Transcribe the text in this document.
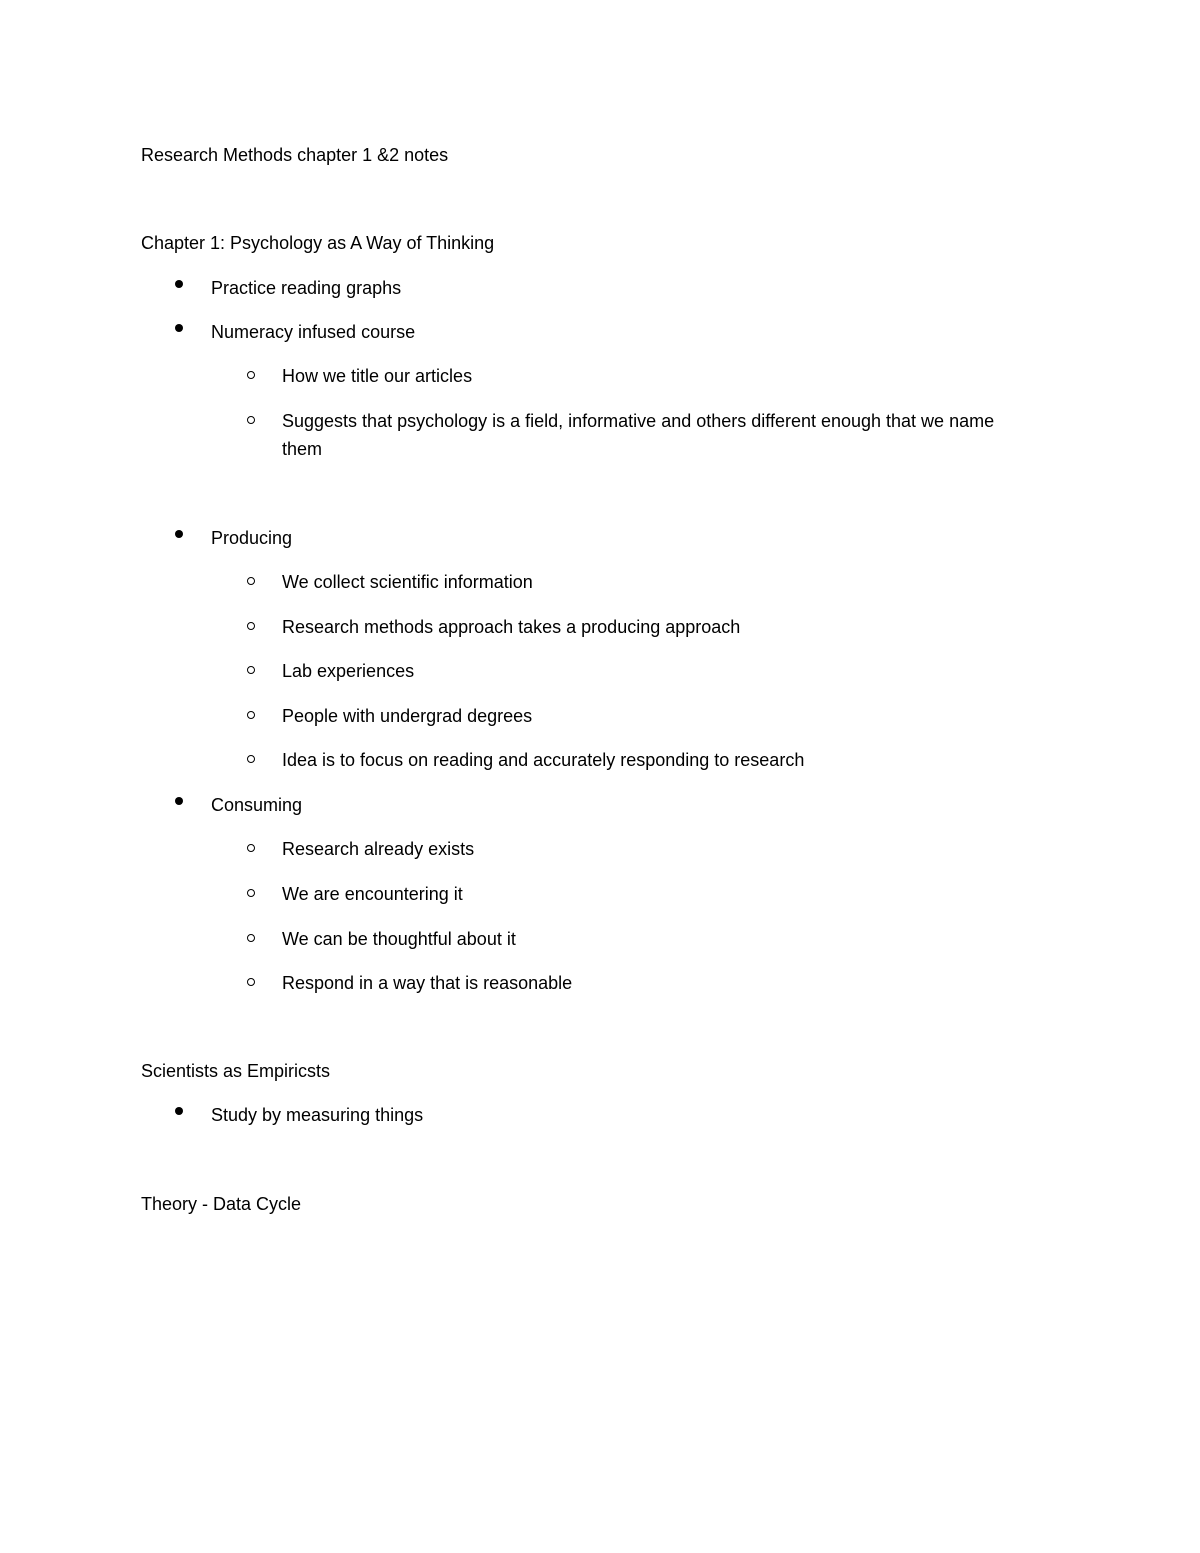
Research Methods chapter 1 &2 notes
Chapter 1: Psychology as A Way of Thinking
Practice reading graphs
Numeracy infused course
How we title our articles
Suggests that psychology is a field, informative and others different enough that we name them
Producing
We collect scientific information
Research methods approach takes a producing approach
Lab experiences
People with undergrad degrees
Idea is to focus on reading and accurately responding to research
Consuming
Research already exists
We are encountering it
We can be thoughtful about it
Respond in a way that is reasonable
Scientists as Empiricsts
Study by measuring things
Theory - Data Cycle
